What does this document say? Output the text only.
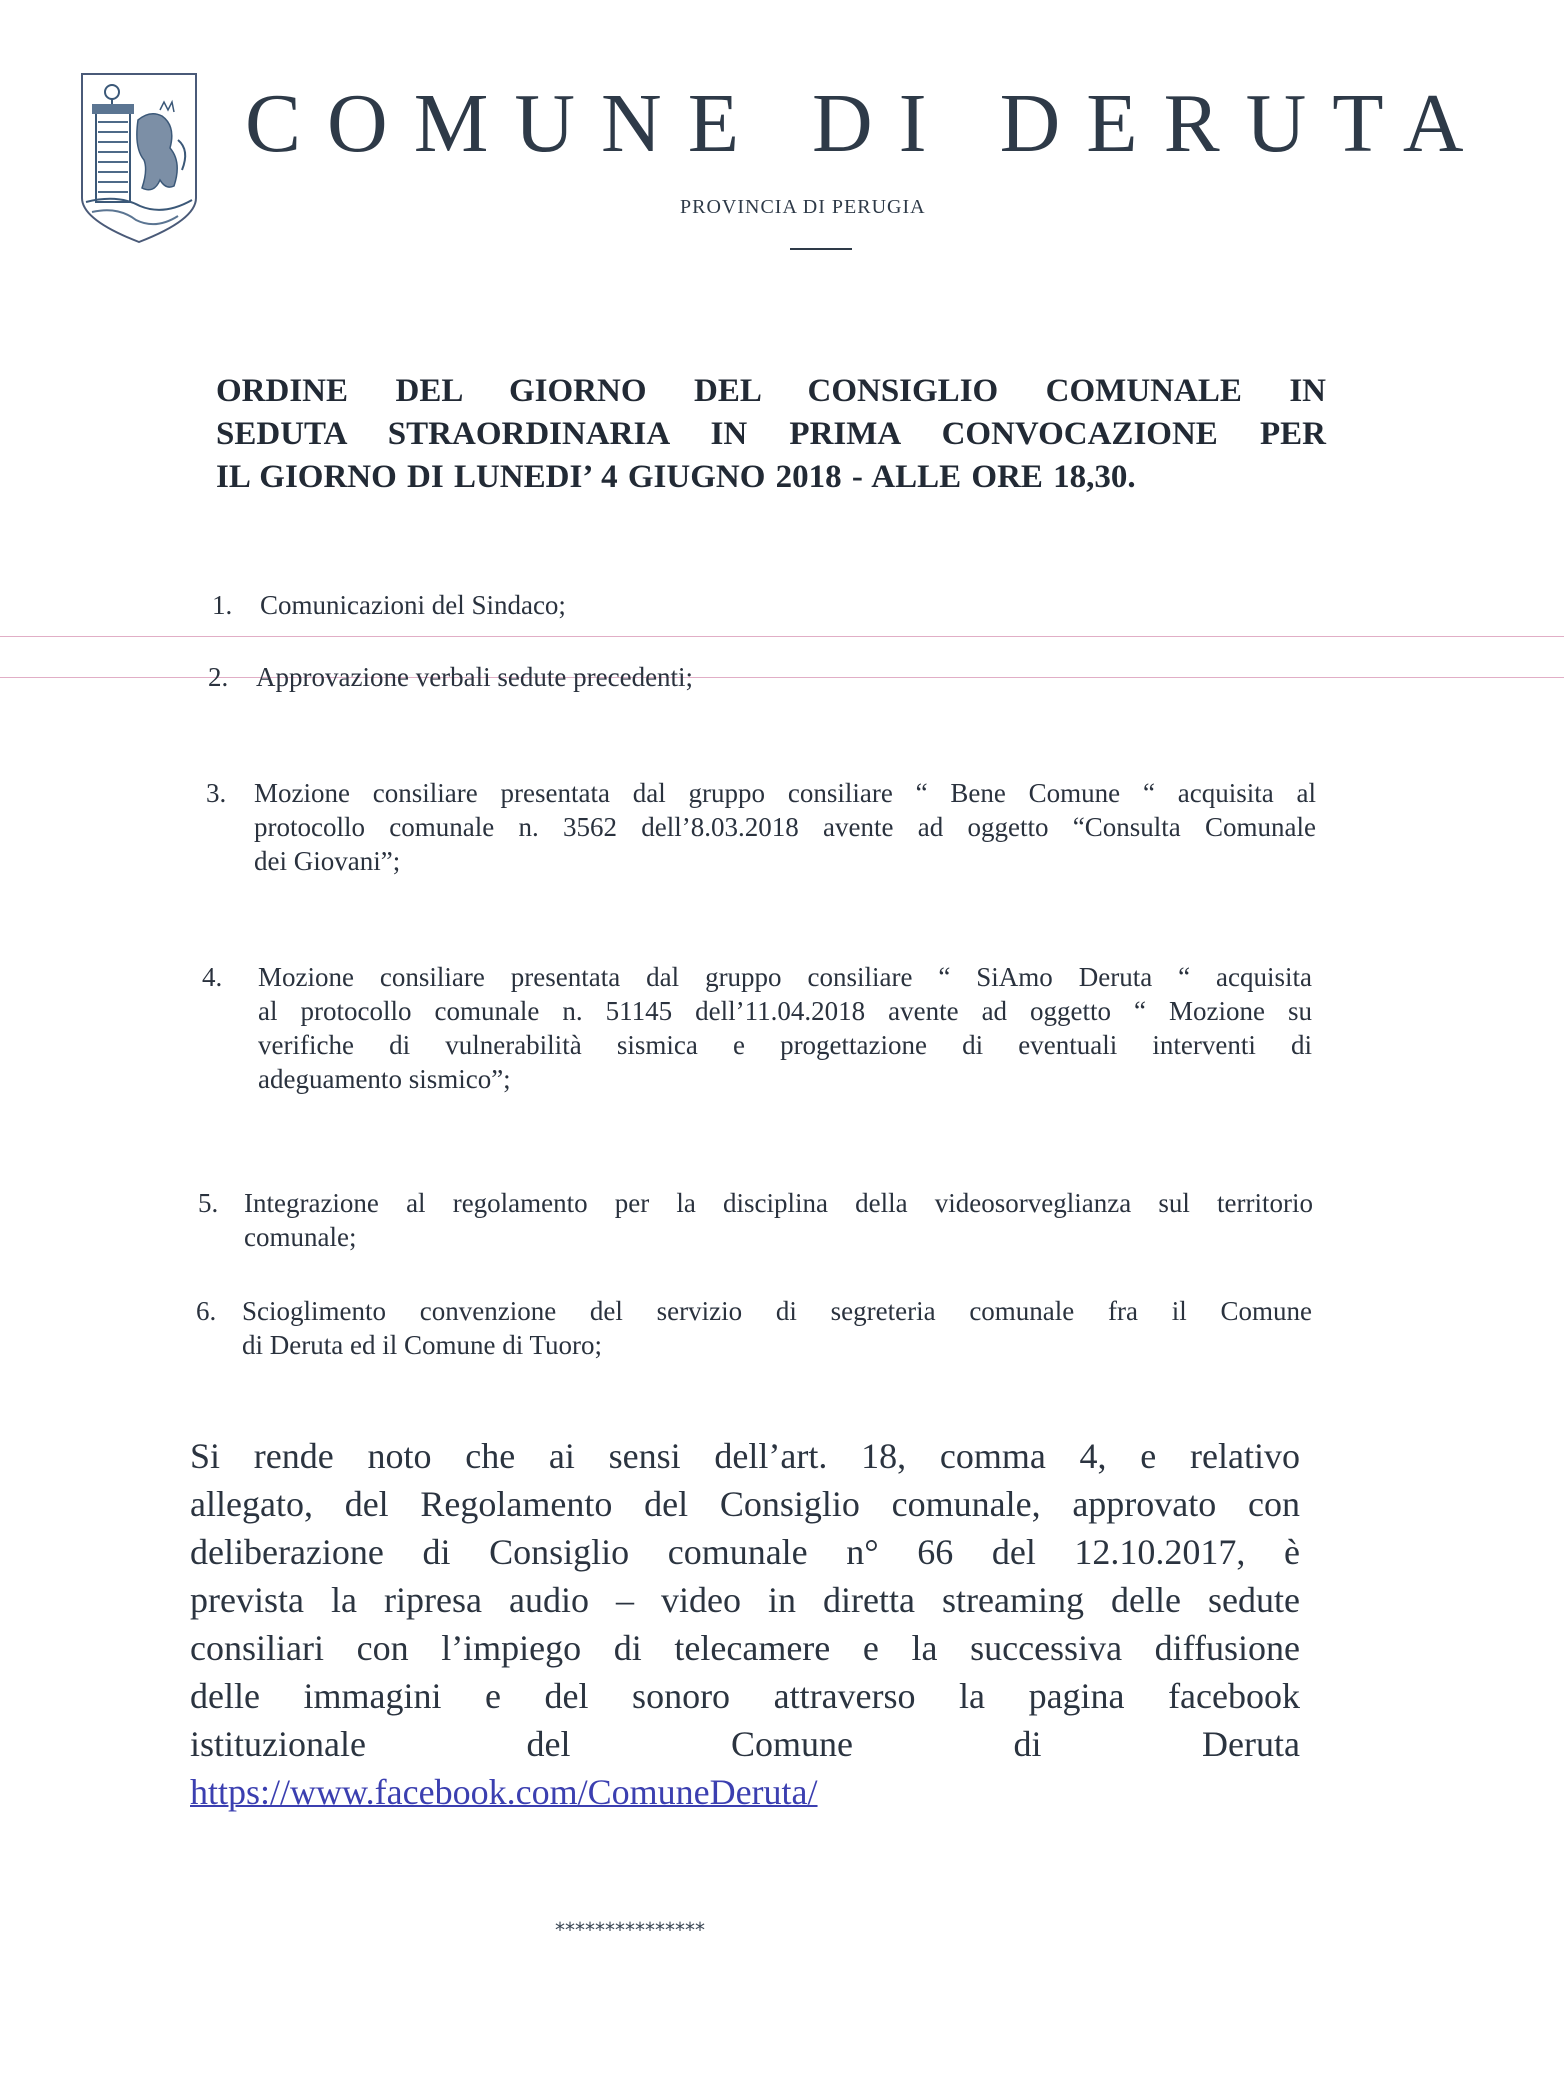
COMUNE DI DERUTA
PROVINCIA DI PERUGIA
ORDINE DEL GIORNO DEL CONSIGLIO COMUNALE IN
SEDUTA STRAORDINARIA IN PRIMA CONVOCAZIONE PER
IL GIORNO DI LUNEDI’ 4 GIUGNO 2018 - ALLE ORE 18,30.
1. Comunicazioni del Sindaco;
2. Approvazione verbali sedute precedenti;
3. Mozione consiliare presentata dal gruppo consiliare “ Bene Comune “ acquisita al
protocollo comunale n. 3562 dell’8.03.2018 avente ad oggetto “Consulta Comunale
dei Giovani”;
4. Mozione consiliare presentata dal gruppo consiliare “ SiAmo Deruta “ acquisita
al protocollo comunale n. 51145 dell’11.04.2018 avente ad oggetto “ Mozione su
verifiche di vulnerabilità sismica e progettazione di eventuali interventi di
adeguamento sismico”;
5. Integrazione al regolamento per la disciplina della videosorveglianza sul territorio
comunale;
6. Scioglimento convenzione del servizio di segreteria comunale fra il Comune
di Deruta ed il Comune di Tuoro;
Si rende noto che ai sensi dell’art. 18, comma 4, e relativo
allegato, del Regolamento del Consiglio comunale, approvato con
deliberazione di Consiglio comunale n° 66 del 12.10.2017, è
prevista la ripresa audio – video in diretta streaming delle sedute
consiliari con l’impiego di telecamere e la successiva diffusione
delle immagini e del sonoro attraverso la pagina facebook
istituzionale del Comune di Deruta
https://www.facebook.com/ComuneDeruta/
***************
